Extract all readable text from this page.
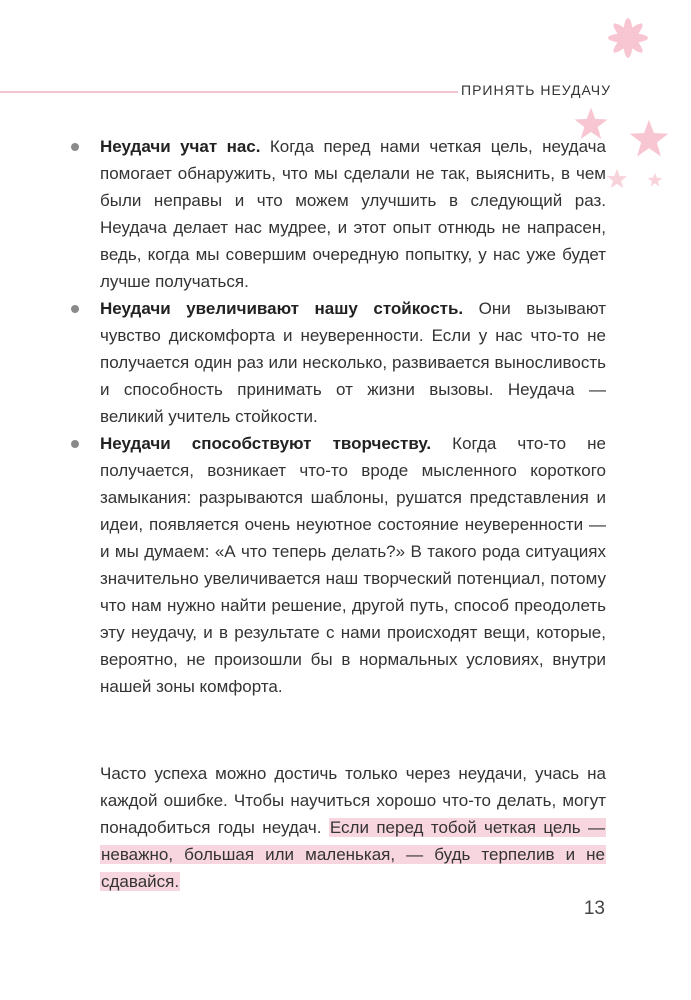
ПРИНЯТЬ НЕУДАЧУ

Неудачи учат нас. Когда перед нами четкая цель, неудача помогает обнаружить, что мы сделали не так, выяснить, в чем были неправы и что можем улучшить в следующий раз. Неудача делает нас мудрее, и этот опыт отнюдь не напрасен, ведь, когда мы совершим очередную попытку, у нас уже будет лучше получаться.

Неудачи увеличивают нашу стойкость. Они вызывают чувство дискомфорта и неуверенности. Если у нас что-то не получается один раз или несколько, развивается выносливость и способность принимать от жизни вызовы. Неудача — великий учитель стойкости.

Неудачи способствуют творчеству. Когда что-то не получается, возникает что-то вроде мысленного короткого замыкания: разрываются шаблоны, рушатся представления и идеи, появляется очень неуютное состояние неуверенности — и мы думаем: «А что теперь делать?» В такого рода ситуациях значительно увеличивается наш творческий потенциал, потому что нам нужно найти решение, другой путь, способ преодолеть эту неудачу, и в результате с нами происходят вещи, которые, вероятно, не произошли бы в нормальных условиях, внутри нашей зоны комфорта.

Часто успеха можно достичь только через неудачи, учась на каждой ошибке. Чтобы научиться хорошо что-то делать, могут понадобиться годы неудач. Если перед тобой четкая цель — неважно, большая или маленькая, — будь терпелив и не сдавайся.

13
